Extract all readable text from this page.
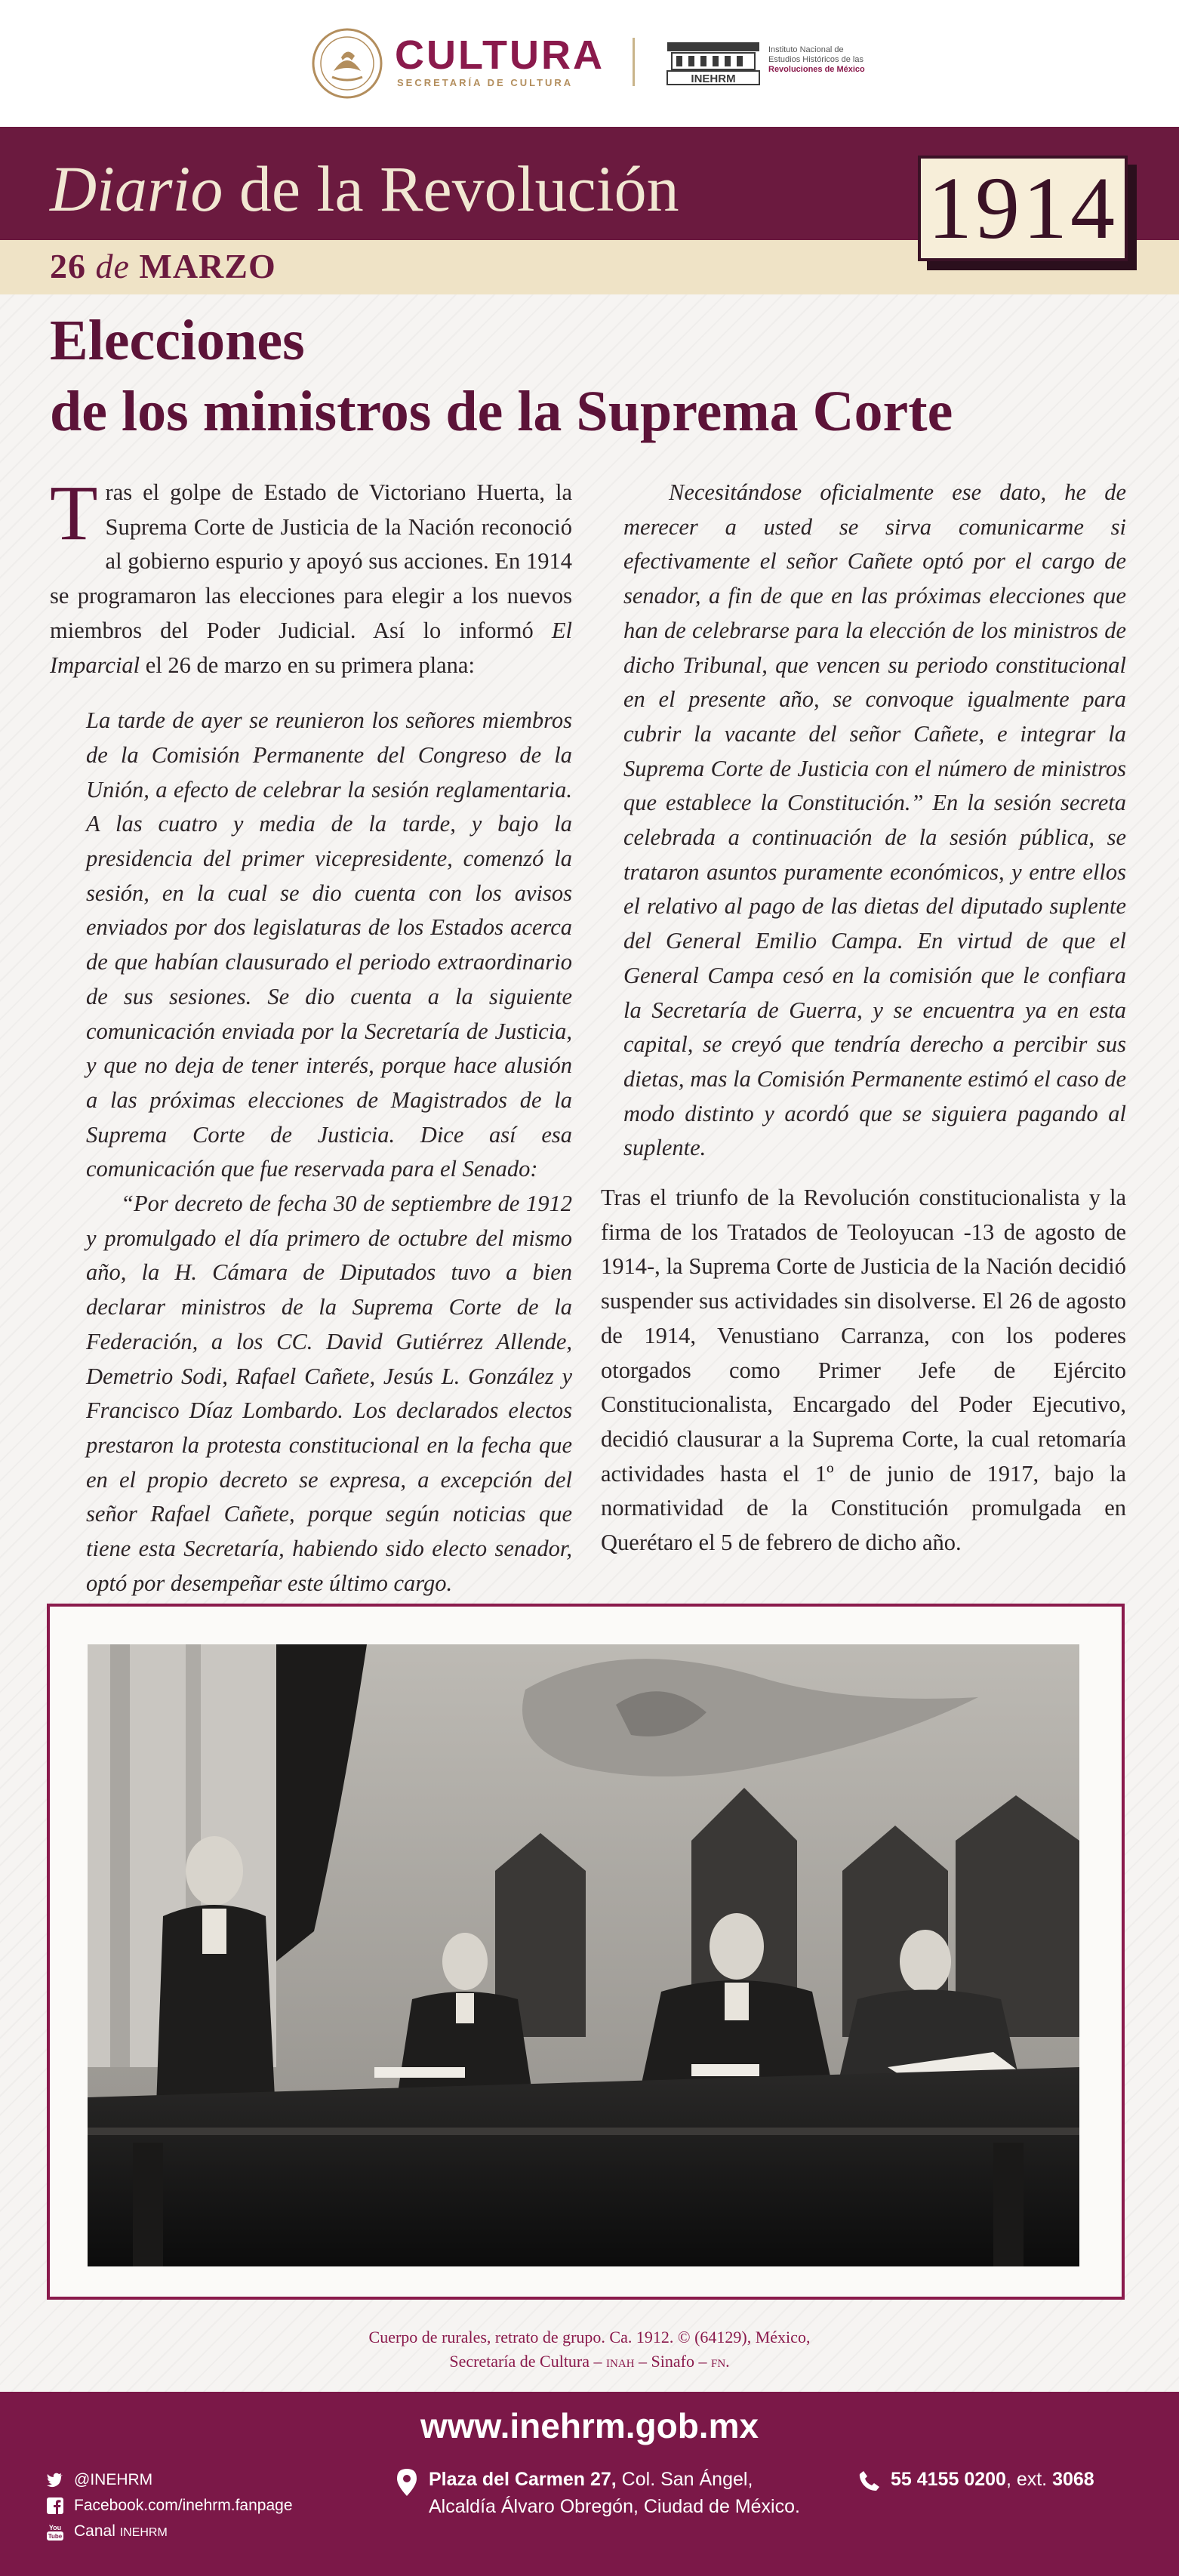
CULTURA
SECRETARÍA DE CULTURA	INEHRM
Instituto Nacional de
Estudios Históricos de las
Revoluciones de México
Diario de la Revolución
26 de MARZO
1914
Elecciones
de los ministros de la Suprema Corte

Tras el golpe de Estado de Victoriano Huerta, la Suprema Corte de Justicia de la Nación reconoció al gobierno espurio y apoyó sus acciones. En 1914 se programaron las elecciones para elegir a los nuevos miembros del Poder Judicial. Así lo informó El Imparcial el 26 de marzo en su primera plana:

La tarde de ayer se reunieron los señores miembros de la Comisión Permanente del Congreso de la Unión, a efecto de celebrar la sesión reglamentaria. A las cuatro y media de la tarde, y bajo la presidencia del primer vicepresidente, comenzó la sesión, en la cual se dio cuenta con los avisos enviados por dos legislaturas de los Estados acerca de que habían clausurado el periodo extraordinario de sus sesiones. Se dio cuenta a la siguiente comunicación enviada por la Secretaría de Justicia, y que no deja de tener interés, porque hace alusión a las próximas elecciones de Magistrados de la Suprema Corte de Justicia. Dice así esa comunicación que fue reservada para el Senado:

“Por decreto de fecha 30 de septiembre de 1912 y promulgado el día primero de octubre del mismo año, la H. Cámara de Diputados tuvo a bien declarar ministros de la Suprema Corte de la Federación, a los CC. David Gutiérrez Allende, Demetrio Sodi, Rafael Cañete, Jesús L. González y Francisco Díaz Lombardo. Los declarados electos prestaron la protesta constitucional en la fecha que en el propio decreto se expresa, a excepción del señor Rafael Cañete, porque según noticias que tiene esta Secretaría, habiendo sido electo senador, optó por desempeñar este último cargo.

Necesitándose oficialmente ese dato, he de merecer a usted se sirva comunicarme si efectivamente el señor Cañete optó por el cargo de senador, a fin de que en las próximas elecciones que han de celebrarse para la elección de los ministros de dicho Tribunal, que vencen su periodo constitucional en el presente año, se convoque igualmente para cubrir la vacante del señor Cañete, e integrar la Suprema Corte de Justicia con el número de ministros que establece la Constitución.” En la sesión secreta celebrada a continuación de la sesión pública, se trataron asuntos puramente económicos, y entre ellos el relativo al pago de las dietas del diputado suplente del General Emilio Campa. En virtud de que el General Campa cesó en la comisión que le confiara la Secretaría de Guerra, y se encuentra ya en esta capital, se creyó que tendría derecho a percibir sus dietas, mas la Comisión Permanente estimó el caso de modo distinto y acordó que se siguiera pagando al suplente.

Tras el triunfo de la Revolución constitucionalista y la firma de los Tratados de Teoloyucan -13 de agosto de 1914-, la Suprema Corte de Justicia de la Nación decidió suspender sus actividades sin disolverse. El 26 de agosto de 1914, Venustiano Carranza, con los poderes otorgados como Primer Jefe de Ejército Constitucionalista, Encargado del Poder Ejecutivo, decidió clausurar a la Suprema Corte, la cual retomaría actividades hasta el 1º de junio de 1917, bajo la normatividad de la Constitución promulgada en Querétaro el 5 de febrero de dicho año.

Cuerpo de rurales, retrato de grupo. Ca. 1912. © (64129), México,
Secretaría de Cultura – inah – Sinafo – fn.
www.inehrm.gob.mx
@INEHRM
Facebook.com/inehrm.fanpage
You
Tube Canal INEHRM
Plaza del Carmen 27, Col. San Ángel,
Alcaldía Álvaro Obregón, Ciudad de México.
55 4155 0200, ext. 3068
